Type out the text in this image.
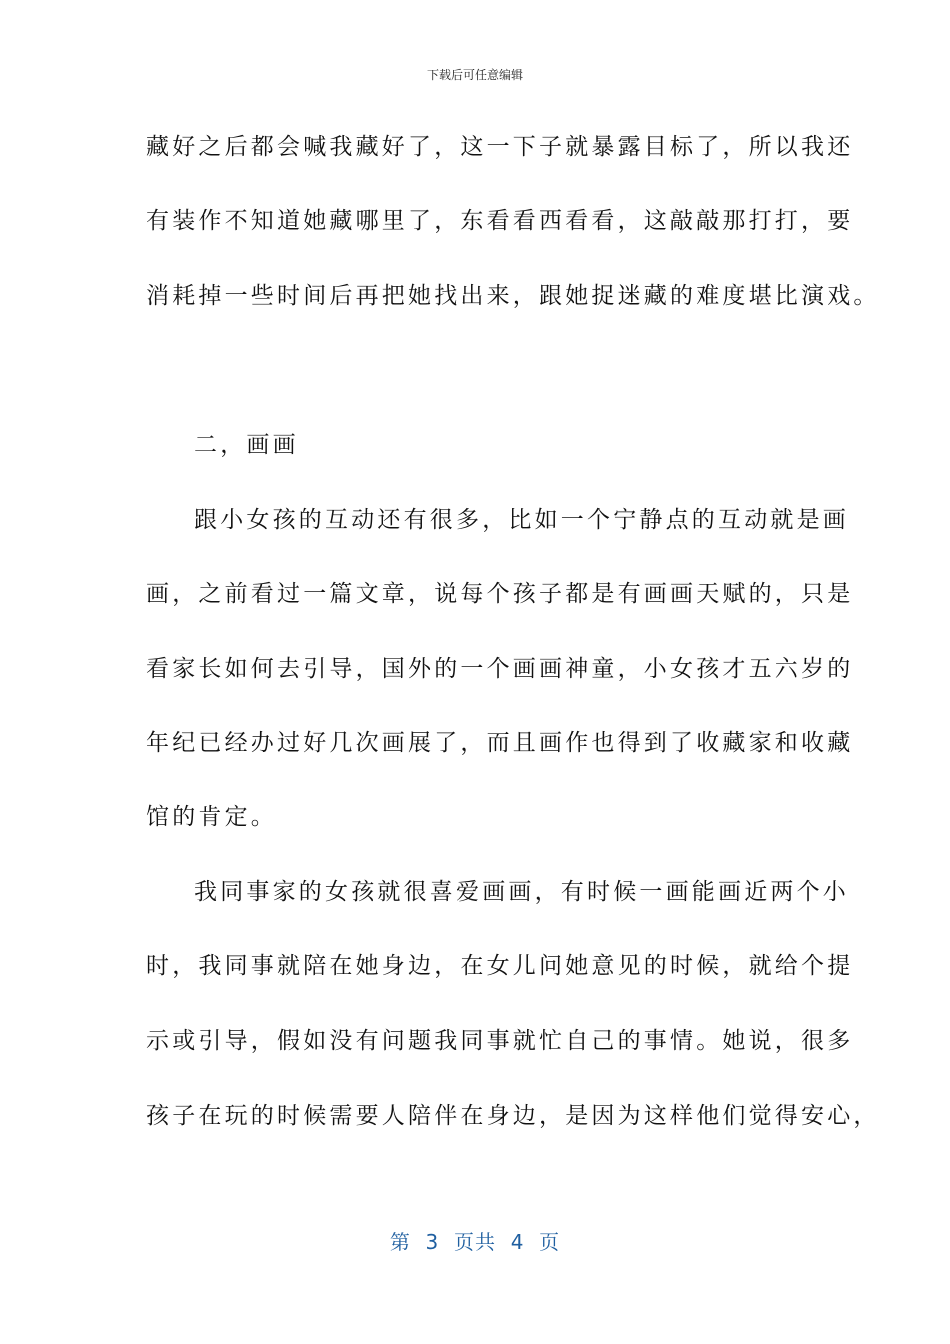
下载后可任意编辑
藏好之后都会喊我藏好了，这一下子就暴露目标了，所以我还
有装作不知道她藏哪里了，东看看西看看，这敲敲那打打，要
消耗掉一些时间后再把她找出来，跟她捉迷藏的难度堪比演戏。
二，画画
跟小女孩的互动还有很多，比如一个宁静点的互动就是画
画，之前看过一篇文章，说每个孩子都是有画画天赋的，只是
看家长如何去引导，国外的一个画画神童，小女孩才五六岁的
年纪已经办过好几次画展了，而且画作也得到了收藏家和收藏
馆的肯定。
我同事家的女孩就很喜爱画画，有时候一画能画近两个小
时，我同事就陪在她身边，在女儿问她意见的时候，就给个提
示或引导，假如没有问题我同事就忙自己的事情。她说，很多
孩子在玩的时候需要人陪伴在身边，是因为这样他们觉得安心，
第  3  页共  4  页
